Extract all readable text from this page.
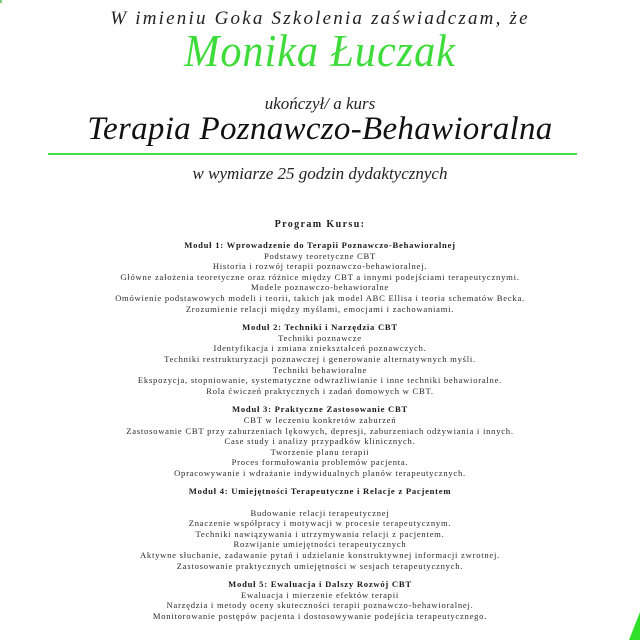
W imieniu Goka Szkolenia zaświadczam, że
Monika Łuczak
ukończył/ a kurs
Terapia Poznawczo-Behawioralna
w wymiarze 25 godzin dydaktycznych
Program Kursu:
Moduł 1: Wprowadzenie do Terapii Poznawczo-Behawioralnej
Podstawy teoretyczne CBT
Historia i rozwój terapii poznawczo-behawioralnej.
Główne założenia teoretyczne oraz różnice między CBT a innymi podejściami terapeutycznymi.
Modele poznawczo-behawioralne
Omówienie podstawowych modeli i teorii, takich jak model ABC Ellisa i teoria schematów Becka.
Zrozumienie relacji między myślami, emocjami i zachowaniami.
Moduł 2: Techniki i Narzędzia CBT
Techniki poznawcze
Identyfikacja i zmiana zniekształceń poznawczych.
Techniki restrukturyzacji poznawczej i generowanie alternatywnych myśli.
Techniki behawioralne
Ekspozycja, stopniowanie, systematyczne odwrażliwianie i inne techniki behawioralne.
Rola ćwiczeń praktycznych i zadań domowych w CBT.
Moduł 3: Praktyczne Zastosowanie CBT
CBT w leczeniu konkretów zaburzeń
Zastosowanie CBT przy zaburzeniach lękowych, depresji, zaburzeniach odżywiania i innych.
Case study i analizy przypadków klinicznych.
Tworzenie planu terapii
Proces formułowania problemów pacjenta.
Opracowywanie i wdrażanie indywidualnych planów terapeutycznych.
Moduł 4: Umiejętności Terapeutyczne i Relacje z Pacjentem
Budowanie relacji terapeutycznej
Znaczenie współpracy i motywacji w procesie terapeutycznym.
Techniki nawiązywania i utrzymywania relacji z pacjentem.
Rozwijanie umiejętności terapeutycznych
Aktywne słuchanie, zadawanie pytań i udzielanie konstruktywnej informacji zwrotnej.
Zastosowanie praktycznych umiejętności w sesjach terapeutycznych.
Moduł 5: Ewaluacja i Dalszy Rozwój CBT
Ewaluacja i mierzenie efektów terapii
Narzędzia i metody oceny skuteczności terapii poznawczo-behawioralnej.
Monitorowanie postępów pacjenta i dostosowywanie podejścia terapeutycznego.
